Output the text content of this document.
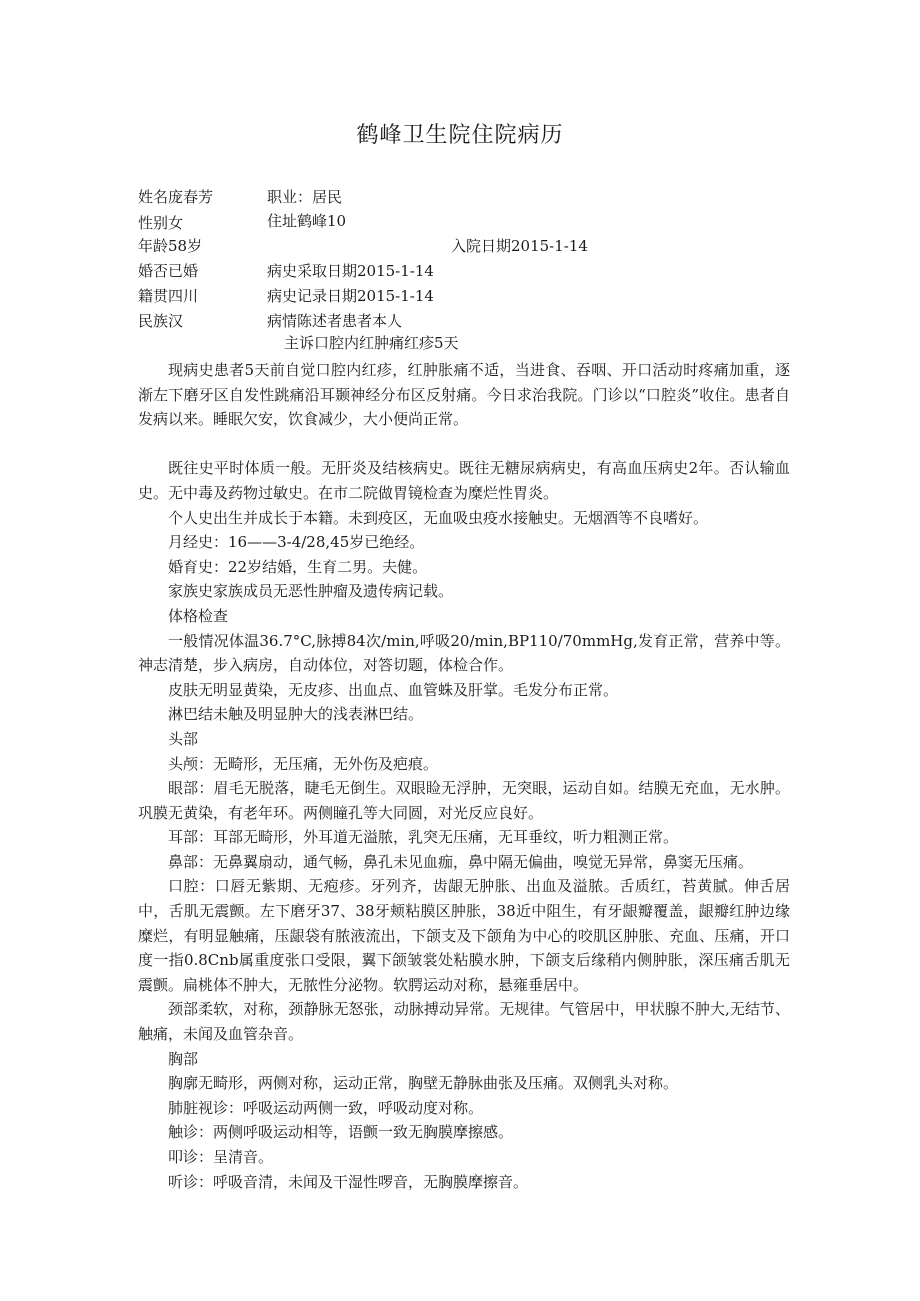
鹤峰卫生院住院病历
姓名庞春芳	职业：居民
性别女	住址鹤峰10
年龄58岁	入院日期2015-1-14
婚否已婚	病史采取日期2015-1-14
籍贯四川	病史记录日期2015-1-14
民族汉	病情陈述者患者本人
主诉口腔内红肿痛红疹5天

现病史患者5天前自觉口腔内红疹，红肿胀痛不适，当进食、吞咽、开口活动时疼痛加重，逐渐左下磨牙区自发性跳痛沿耳颞神经分布区反射痛。今日求治我院。门诊以“口腔炎”收住。患者自发病以来。睡眠欠安，饮食减少，大小便尚正常。

既往史平时体质一般。无肝炎及结核病史。既往无糖尿病病史，有高血压病史2年。否认输血史。无中毒及药物过敏史。在市二院做胃镜检查为糜烂性胃炎。

个人史出生并成长于本籍。未到疫区，无血吸虫疫水接触史。无烟酒等不良嗜好。

月经史：16——3-4/28,45岁已绝经。

婚育史：22岁结婚，生育二男。夫健。

家族史家族成员无恶性肿瘤及遗传病记载。

体格检查

一般情况体温36.7°C,脉搏84次/min,呼吸20/min,BP110/70mmHg,发育正常，营养中等。神志清楚，步入病房，自动体位，对答切题，体检合作。

皮肤无明显黄染，无皮疹、出血点、血管蛛及肝掌。毛发分布正常。

淋巴结未触及明显肿大的浅表淋巴结。

头部

头颅：无畸形，无压痛，无外伤及疤痕。

眼部：眉毛无脱落，睫毛无倒生。双眼睑无浮肿，无突眼，运动自如。结膜无充血，无水肿。巩膜无黄染，有老年环。两侧瞳孔等大同圆，对光反应良好。

耳部：耳部无畸形，外耳道无溢脓，乳突无压痛，无耳垂纹，听力粗测正常。

鼻部：无鼻翼扇动，通气畅，鼻孔未见血痂，鼻中隔无偏曲，嗅觉无异常，鼻窦无压痛。

口腔：口唇无紫期、无疱疹。牙列齐，齿龈无肿胀、出血及溢脓。舌质红，苔黄腻。伸舌居中，舌肌无震颤。左下磨牙37、38牙颊粘膜区肿胀，38近中阻生，有牙龈瓣覆盖，龈瓣红肿边缘糜烂，有明显触痛，压龈袋有脓液流出，下颌支及下颌角为中心的咬肌区肿胀、充血、压痛，开口度一指0.8Cnb属重度张口受限，翼下颌皱裳处粘膜水肿，下颌支后缘稍内侧肿胀，深压痛舌肌无震颤。扁桃体不肿大，无脓性分泌物。软腭运动对称，悬雍垂居中。

颈部柔软，对称，颈静脉无怒张，动脉搏动异常。无规律。气管居中，甲状腺不肿大,无结节、触痛，未闻及血管杂音。

胸部

胸廓无畸形，两侧对称，运动正常，胸壁无静脉曲张及压痛。双侧乳头对称。

肺脏视诊：呼吸运动两侧一致，呼吸动度对称。

触诊：两侧呼吸运动相等，语颤一致无胸膜摩擦感。

叩诊：呈清音。

听诊：呼吸音清，未闻及干湿性啰音，无胸膜摩擦音。
